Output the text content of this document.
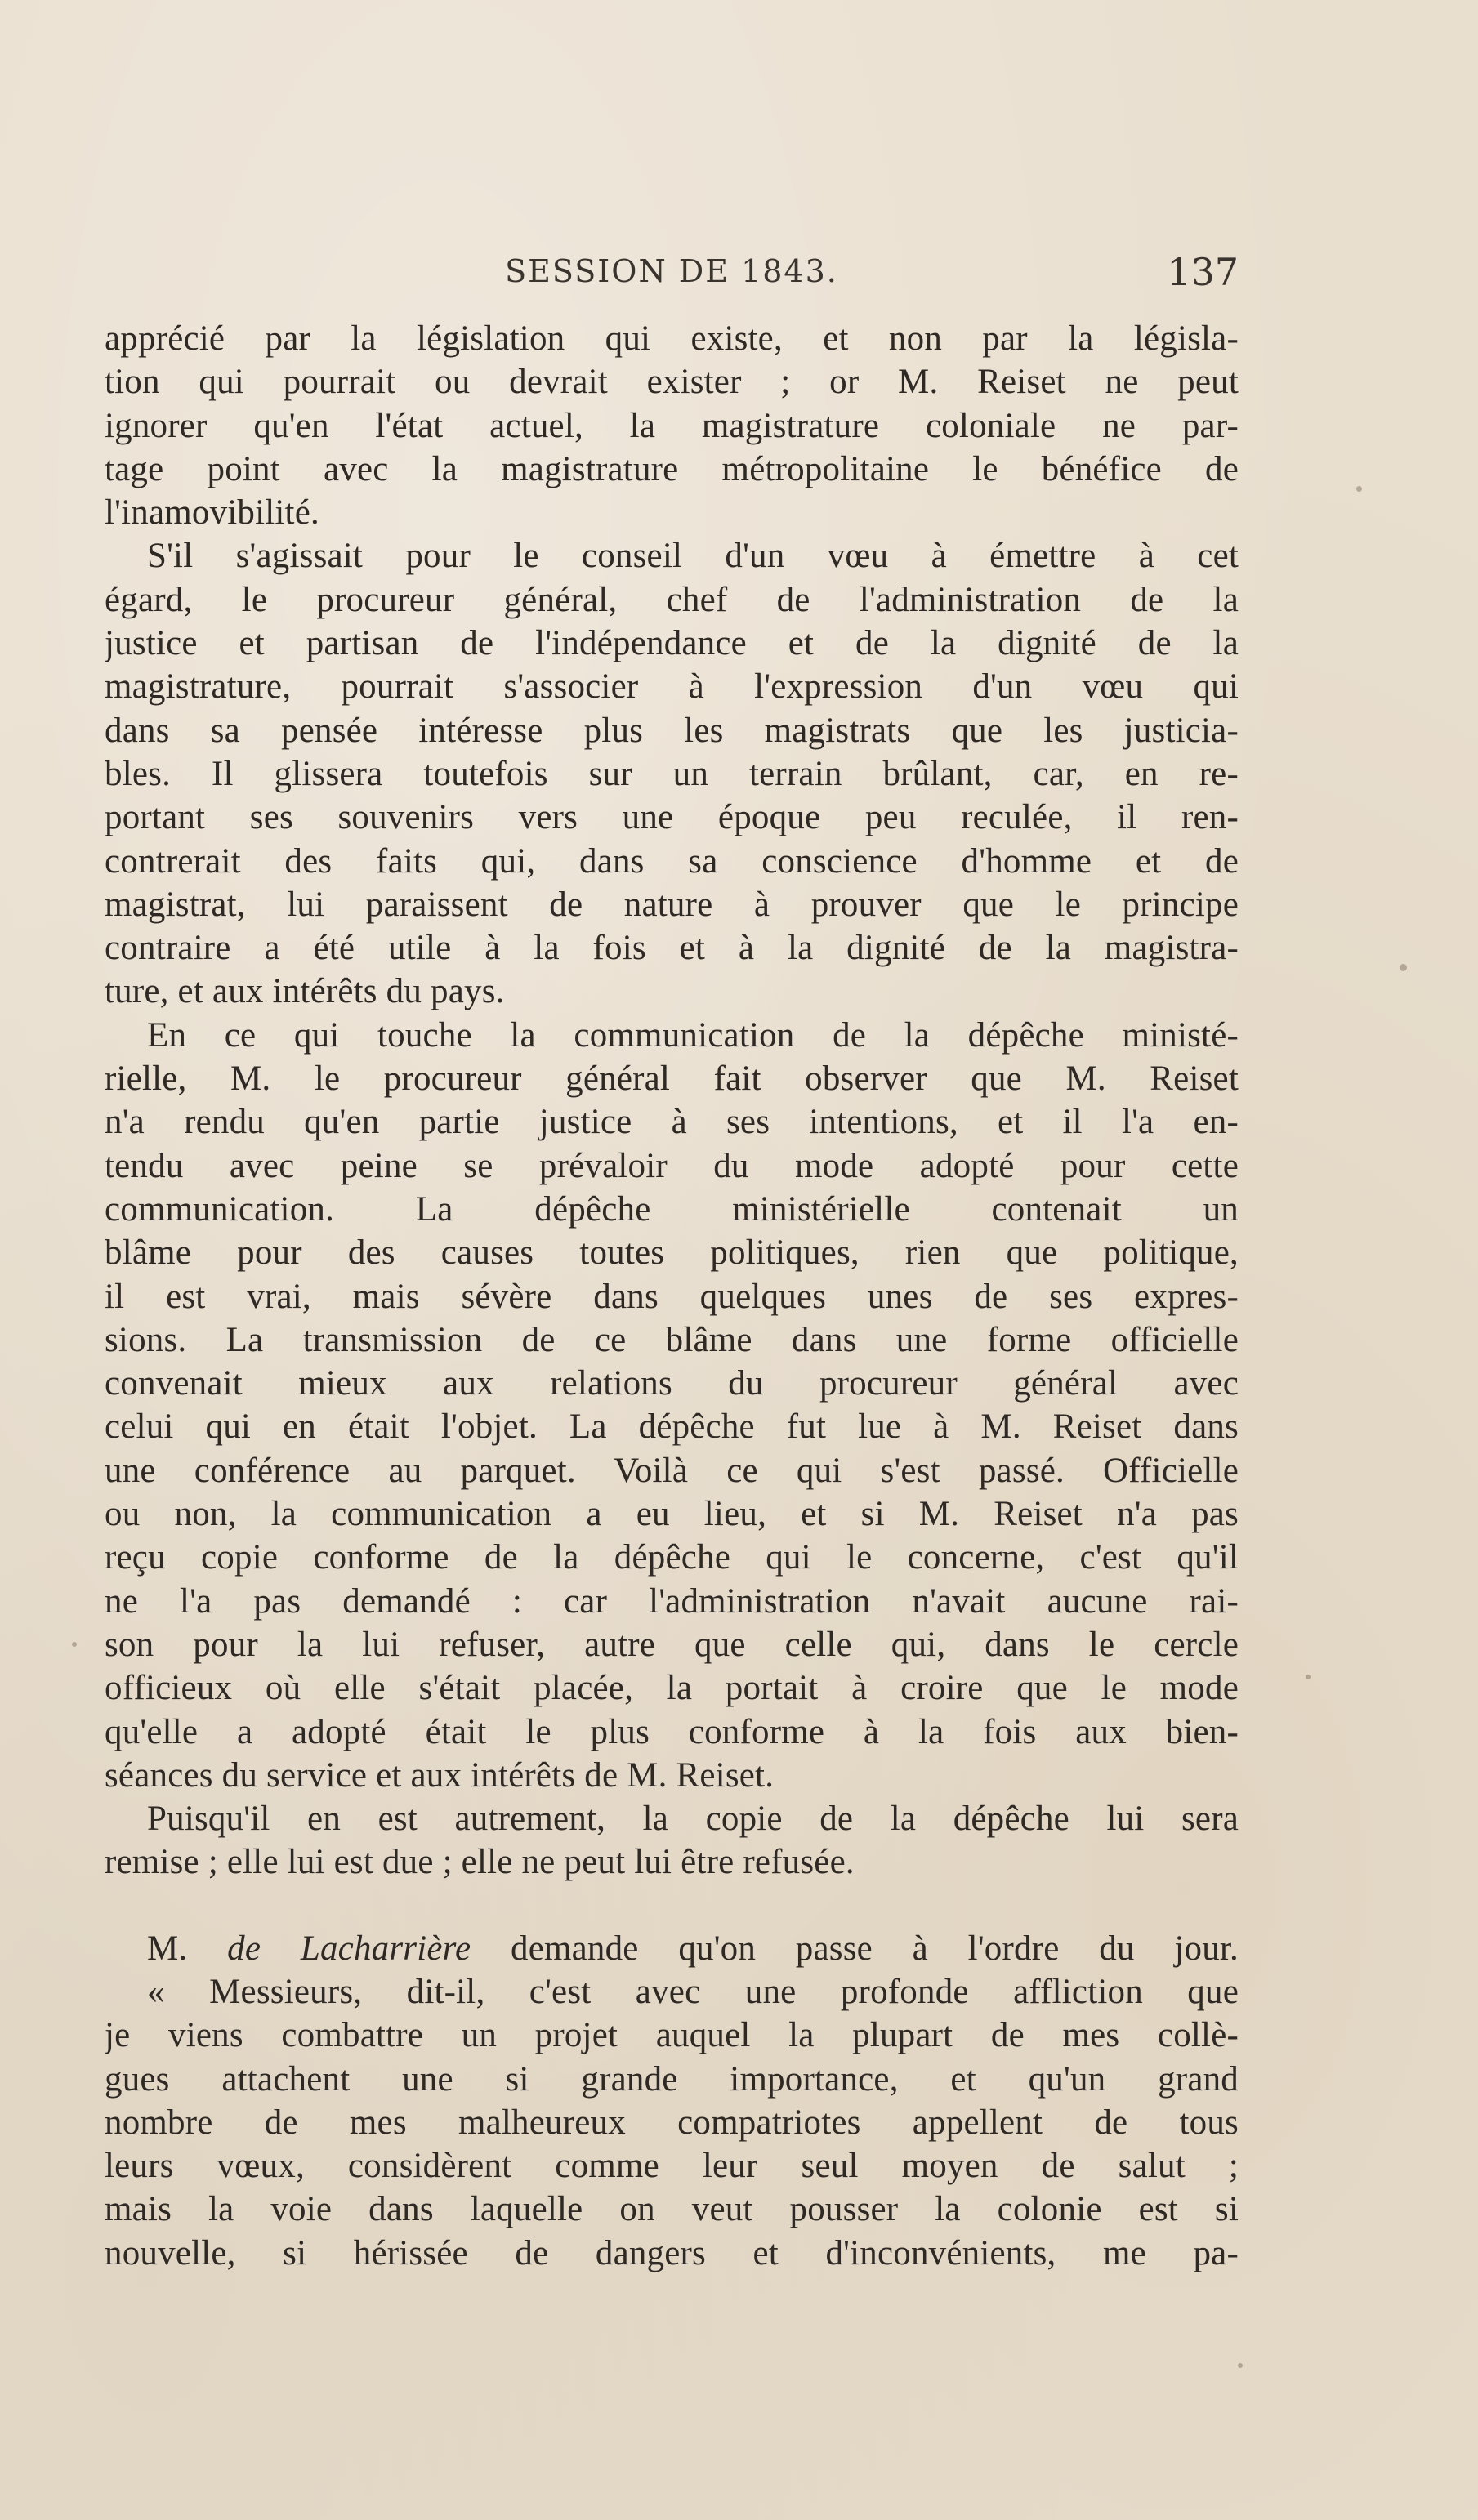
SESSION DE 1843.	137
apprécié par la législation qui existe, et non par la législa-
tion qui pourrait ou devrait exister ; or M. Reiset ne peut
ignorer qu'en l'état actuel, la magistrature coloniale ne par-
tage point avec la magistrature métropolitaine le bénéfice de
l'inamovibilité.
S'il s'agissait pour le conseil d'un vœu à émettre à cet
égard, le procureur général, chef de l'administration de la
justice et partisan de l'indépendance et de la dignité de la
magistrature, pourrait s'associer à l'expression d'un vœu qui
dans sa pensée intéresse plus les magistrats que les justicia-
bles. Il glissera toutefois sur un terrain brûlant, car, en re-
portant ses souvenirs vers une époque peu reculée, il ren-
contrerait des faits qui, dans sa conscience d'homme et de
magistrat, lui paraissent de nature à prouver que le principe
contraire a été utile à la fois et à la dignité de la magistra-
ture, et aux intérêts du pays.
En ce qui touche la communication de la dépêche ministé-
rielle, M. le procureur général fait observer que M. Reiset
n'a rendu qu'en partie justice à ses intentions, et il l'a en-
tendu avec peine se prévaloir du mode adopté pour cette
communication. La dépêche ministérielle contenait un
blâme pour des causes toutes politiques, rien que politique,
il est vrai, mais sévère dans quelques unes de ses expres-
sions. La transmission de ce blâme dans une forme officielle
convenait mieux aux relations du procureur général avec
celui qui en était l'objet. La dépêche fut lue à M. Reiset dans
une conférence au parquet. Voilà ce qui s'est passé. Officielle
ou non, la communication a eu lieu, et si M. Reiset n'a pas
reçu copie conforme de la dépêche qui le concerne, c'est qu'il
ne l'a pas demandé : car l'administration n'avait aucune rai-
son pour la lui refuser, autre que celle qui, dans le cercle
officieux où elle s'était placée, la portait à croire que le mode
qu'elle a adopté était le plus conforme à la fois aux bien-
séances du service et aux intérêts de M. Reiset.
Puisqu'il en est autrement, la copie de la dépêche lui sera
remise ; elle lui est due ; elle ne peut lui être refusée.
M. de Lacharrière demande qu'on passe à l'ordre du jour.
« Messieurs, dit-il, c'est avec une profonde affliction que
je viens combattre un projet auquel la plupart de mes collè-
gues attachent une si grande importance, et qu'un grand
nombre de mes malheureux compatriotes appellent de tous
leurs vœux, considèrent comme leur seul moyen de salut ;
mais la voie dans laquelle on veut pousser la colonie est si
nouvelle, si hérissée de dangers et d'inconvénients, me pa-
